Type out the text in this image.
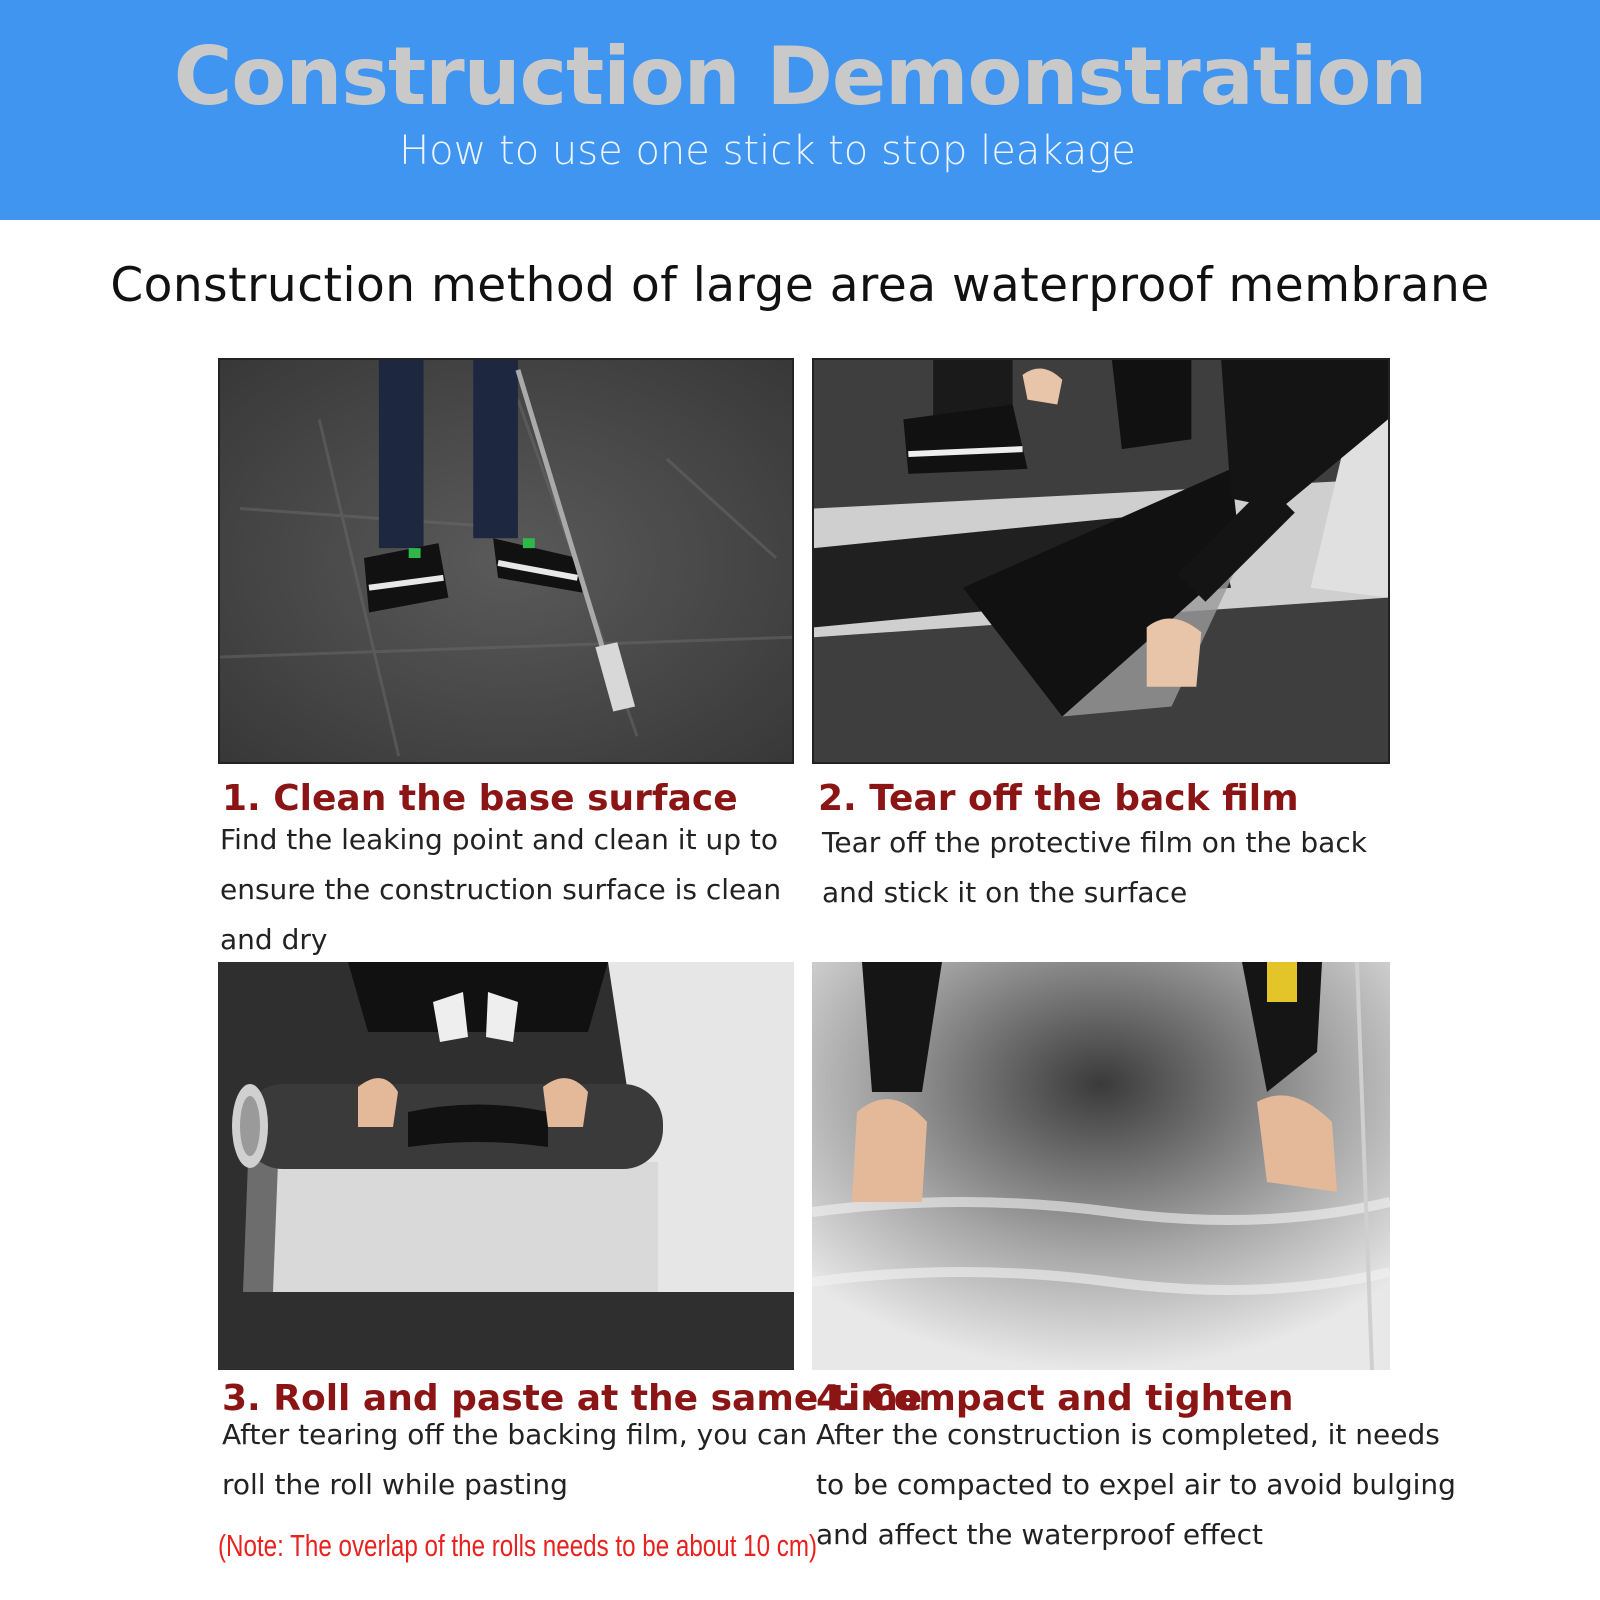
Construction Demonstration
How to use one stick to stop leakage
Construction method of large area waterproof membrane
1. Clean the base surface
Find the leaking point and clean it up to ensure the construction surface is clean and dry
2. Tear off the back film
Tear off the protective film on the back and stick it on the surface
3. Roll and paste at the same time
After tearing off the backing film, you can roll the roll while pasting
(Note: The overlap of the rolls needs to be about 10 cm)
4. Compact and tighten
After the construction is completed, it needs to be compacted to expel air to avoid bulging and affect the waterproof effect
